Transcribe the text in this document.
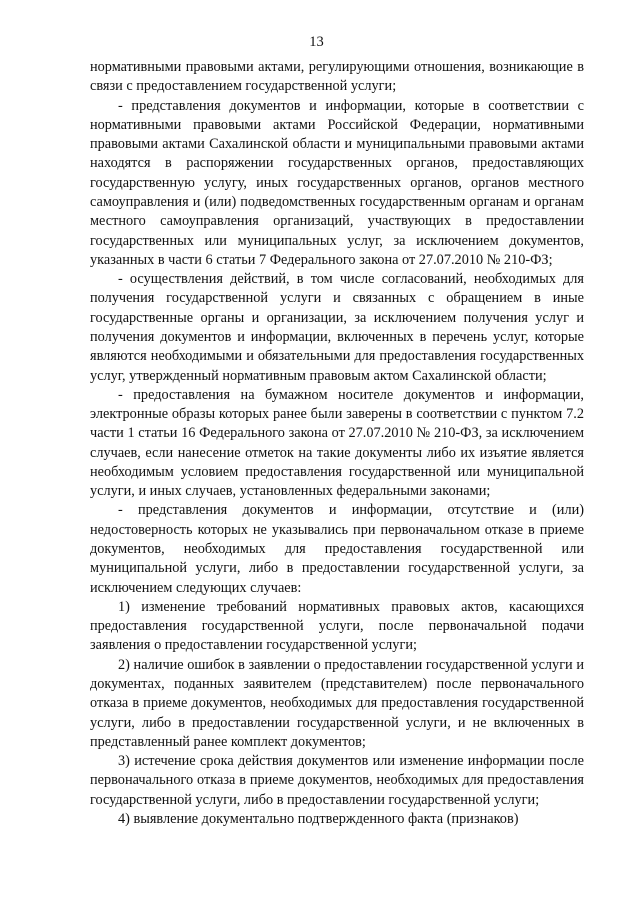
13

нормативными правовыми актами, регулирующими отношения, возникающие в связи с предоставлением государственной услуги;

- представления документов и информации, которые в соответствии с нормативными правовыми актами Российской Федерации, нормативными правовыми актами Сахалинской области и муниципальными правовыми актами находятся в распоряжении государственных органов, предоставляющих государственную услугу, иных государственных органов, органов местного самоуправления и (или) подведомственных государственным органам и органам местного самоуправления организаций, участвующих в предоставлении государственных или муниципальных услуг, за исключением документов, указанных в части 6 статьи 7 Федерального закона от 27.07.2010 № 210-ФЗ;

- осуществления действий, в том числе согласований, необходимых для получения государственной услуги и связанных с обращением в иные государственные органы и организации, за исключением получения услуг и получения документов и информации, включенных в перечень услуг, которые являются необходимыми и обязательными для предоставления государственных услуг, утвержденный нормативным правовым актом Сахалинской области;

- предоставления на бумажном носителе документов и информации, электронные образы которых ранее были заверены в соответствии с пунктом 7.2 части 1 статьи 16 Федерального закона от 27.07.2010 № 210-ФЗ, за исключением случаев, если нанесение отметок на такие документы либо их изъятие является необходимым условием предоставления государственной или муниципальной услуги, и иных случаев, установленных федеральными законами;

- представления документов и информации, отсутствие и (или) недостоверность которых не указывались при первоначальном отказе в приеме документов, необходимых для предоставления государственной или муниципальной услуги, либо в предоставлении государственной услуги, за исключением следующих случаев:

1) изменение требований нормативных правовых актов, касающихся предоставления государственной услуги, после первоначальной подачи заявления о предоставлении государственной услуги;

2) наличие ошибок в заявлении о предоставлении государственной услуги и документах, поданных заявителем (представителем) после первоначального отказа в приеме документов, необходимых для предоставления государственной услуги, либо в предоставлении государственной услуги, и не включенных в представленный ранее комплект документов;

3) истечение срока действия документов или изменение информации после первоначального отказа в приеме документов, необходимых для предоставления государственной услуги, либо в предоставлении государственной услуги;

4) выявление документально подтвержденного факта (признаков)
